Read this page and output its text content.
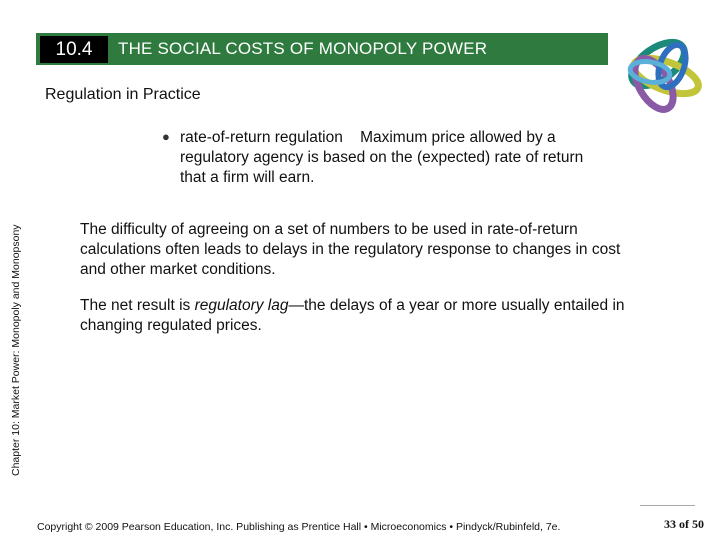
10.4	THE SOCIAL COSTS OF MONOPOLY POWER
Chapter 10: Market Power: Monopoly and Monopsony
Regulation in Practice
● rate-of-return regulation Maximum price allowed by a regulatory agency is based on the (expected) rate of return that a firm will earn.
The difficulty of agreeing on a set of numbers to be used in rate-of-return calculations often leads to delays in the regulatory response to changes in cost and other market conditions.
The net result is regulatory lag—the delays of a year or more usually entailed in changing regulated prices.
Copyright © 2009 Pearson Education, Inc. Publishing as Prentice Hall • Microeconomics • Pindyck/Rubinfeld, 7e.	33 of 50
